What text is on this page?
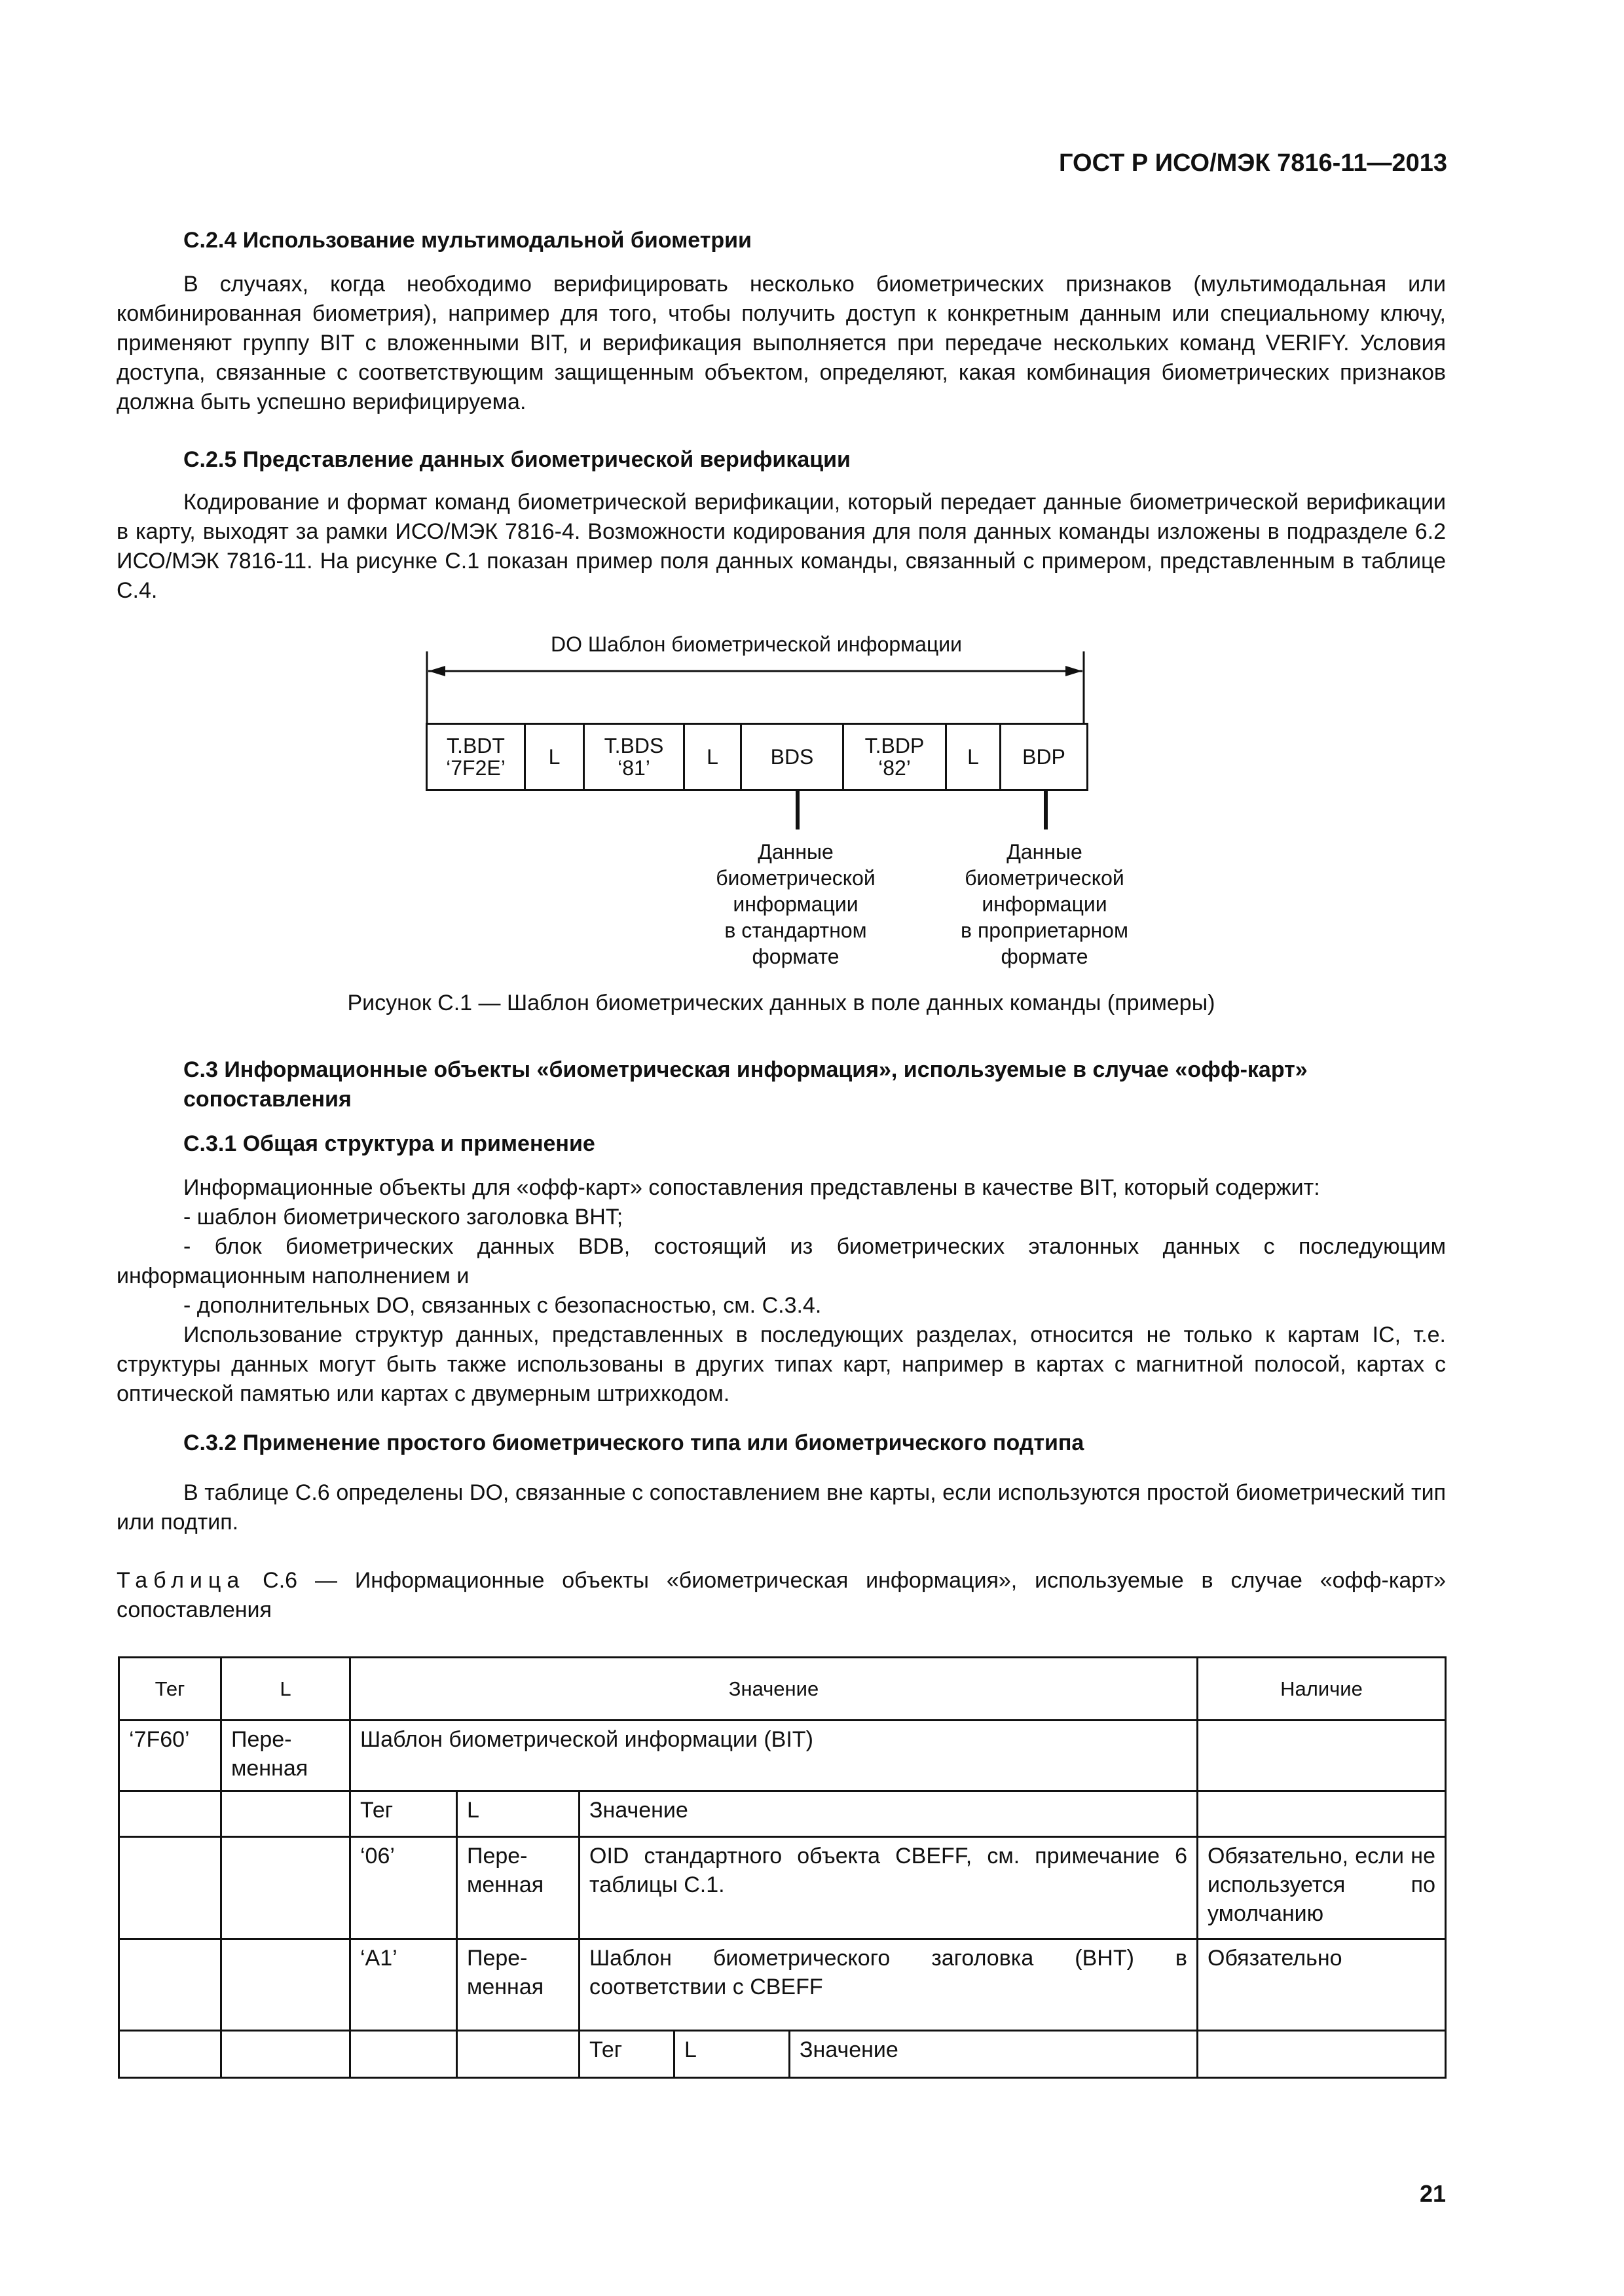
ГОСТ Р ИСО/МЭК 7816-11—2013
C.2.4 Использование мультимодальной биометрии

В случаях, когда необходимо верифицировать несколько биометрических признаков (мультимодальная или комбинированная биометрия), например для того, чтобы получить доступ к конкретным данным или специальному ключу, применяют группу BIT с вложенными BIT, и верификация выполняется при передаче нескольких команд VERIFY. Условия доступа, связанные с соответствующим защищенным объектом, определяют, какая комбинация биометрических признаков должна быть успешно верифицируема.

C.2.5 Представление данных биометрической верификации

Кодирование и формат команд биометрической верификации, который передает данные биометрической верификации в карту, выходят за рамки ИСО/МЭК 7816-4. Возможности кодирования для поля данных команды изложены в подразделе 6.2 ИСО/МЭК 7816-11. На рисунке C.1 показан пример поля данных команды, связанный с примером, представленным в таблице C.4.

DO Шаблон биометрической информации
T.BDT
‘7F2E’ L T.BDS
‘81’	L BDS T.BDP
‘82’	L BDP
Данные
биометрической
информации
в стандартном
формате
Данные
биометрической
информации
в проприетарном
формате
Рисунок C.1 — Шаблон биометрических данных в поле данных команды (примеры)
C.3 Информационные объекты «биометрическая информация», используемые в случае «офф-карт» сопоставления
C.3.1 Общая структура и применение
Информационные объекты для «офф-карт» сопоставления представлены в качестве BIT, который содержит:
- шаблон биометрического заголовка BHT;
- блок биометрических данных BDB, состоящий из биометрических эталонных данных с последующим информационным наполнением и
- дополнительных DO, связанных с безопасностью, см. C.3.4.
Использование структур данных, представленных в последующих разделах, относится не только к картам IC, т.е. структуры данных могут быть также использованы в других типах карт, например в картах с магнитной полосой, картах с оптической памятью или картах с двумерным штрихкодом.
C.3.2 Применение простого биометрического типа или биометрического подтипа

В таблице C.6 определены DO, связанные с сопоставлением вне карты, если используются простой биометрический тип или подтип.

Таблица C.6 — Информационные объекты «биометрическая информация», используемые в случае «офф-карт» сопоставления
Тег	L	Значение					Наличие
‘7F60’	Пере-менная	Шаблон биометрической информации (BIT)					
		Тег	L	Значение			
		‘06’	Пере-менная	OID стандартного объекта CBEFF, см. примечание 6 таблицы C.1.			Обязательно, если не используется по умолчанию
		‘A1’	Пере-менная	Шаблон биометрического заголовка (BHT) в соответствии с CBEFF			Обязательно
				Тег	L	Значение	
21
